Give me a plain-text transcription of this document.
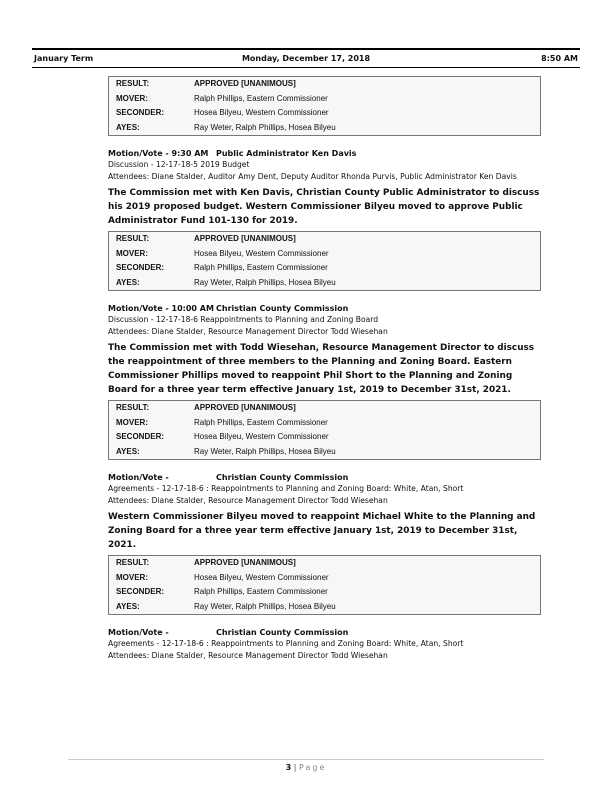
January Term	Monday, December 17, 2018	8:50 AM
RESULT:	APPROVED [UNANIMOUS]
MOVER:	Ralph Phillips, Eastern Commissioner
SECONDER:	Hosea Bilyeu, Western Commissioner
AYES:	Ray Weter, Ralph Phillips, Hosea Bilyeu
Motion/Vote - 9:30 AM Public Administrator Ken Davis
Discussion - 12-17-18-5 2019 Budget
Attendees: Diane Stalder, Auditor Amy Dent, Deputy Auditor Rhonda Purvis, Public Administrator Ken Davis
The Commission met with Ken Davis, Christian County Public Administrator to discuss his 2019 proposed budget. Western Commissioner Bilyeu moved to approve Public Administrator Fund 101-130 for 2019.
RESULT:	APPROVED [UNANIMOUS]
MOVER:	Hosea Bilyeu, Western Commissioner
SECONDER:	Ralph Phillips, Eastern Commissioner
AYES:	Ray Weter, Ralph Phillips, Hosea Bilyeu
Motion/Vote - 10:00 AM Christian County Commission
Discussion - 12-17-18-6 Reappointments to Planning and Zoning Board
Attendees: Diane Stalder, Resource Management Director Todd Wiesehan
The Commission met with Todd Wiesehan, Resource Management Director to discuss the reappointment of three members to the Planning and Zoning Board. Eastern Commissioner Phillips moved to reappoint Phil Short to the Planning and Zoning Board for a three year term effective January 1st, 2019 to December 31st, 2021.
RESULT:	APPROVED [UNANIMOUS]
MOVER:	Ralph Phillips, Eastern Commissioner
SECONDER:	Hosea Bilyeu, Western Commissioner
AYES:	Ray Weter, Ralph Phillips, Hosea Bilyeu
Motion/Vote -	Christian County Commission
Agreements - 12-17-18-6 : Reappointments to Planning and Zoning Board: White, Atan, Short
Attendees: Diane Stalder, Resource Management Director Todd Wiesehan
Western Commissioner Bilyeu moved to reappoint Michael White to the Planning and Zoning Board for a three year term effective January 1st, 2019 to December 31st, 2021.
RESULT:	APPROVED [UNANIMOUS]
MOVER:	Hosea Bilyeu, Western Commissioner
SECONDER:	Ralph Phillips, Eastern Commissioner
AYES:	Ray Weter, Ralph Phillips, Hosea Bilyeu
Motion/Vote -	Christian County Commission
Agreements - 12-17-18-6 : Reappointments to Planning and Zoning Board: White, Atan, Short
Attendees: Diane Stalder, Resource Management Director Todd Wiesehan
3 | Page
